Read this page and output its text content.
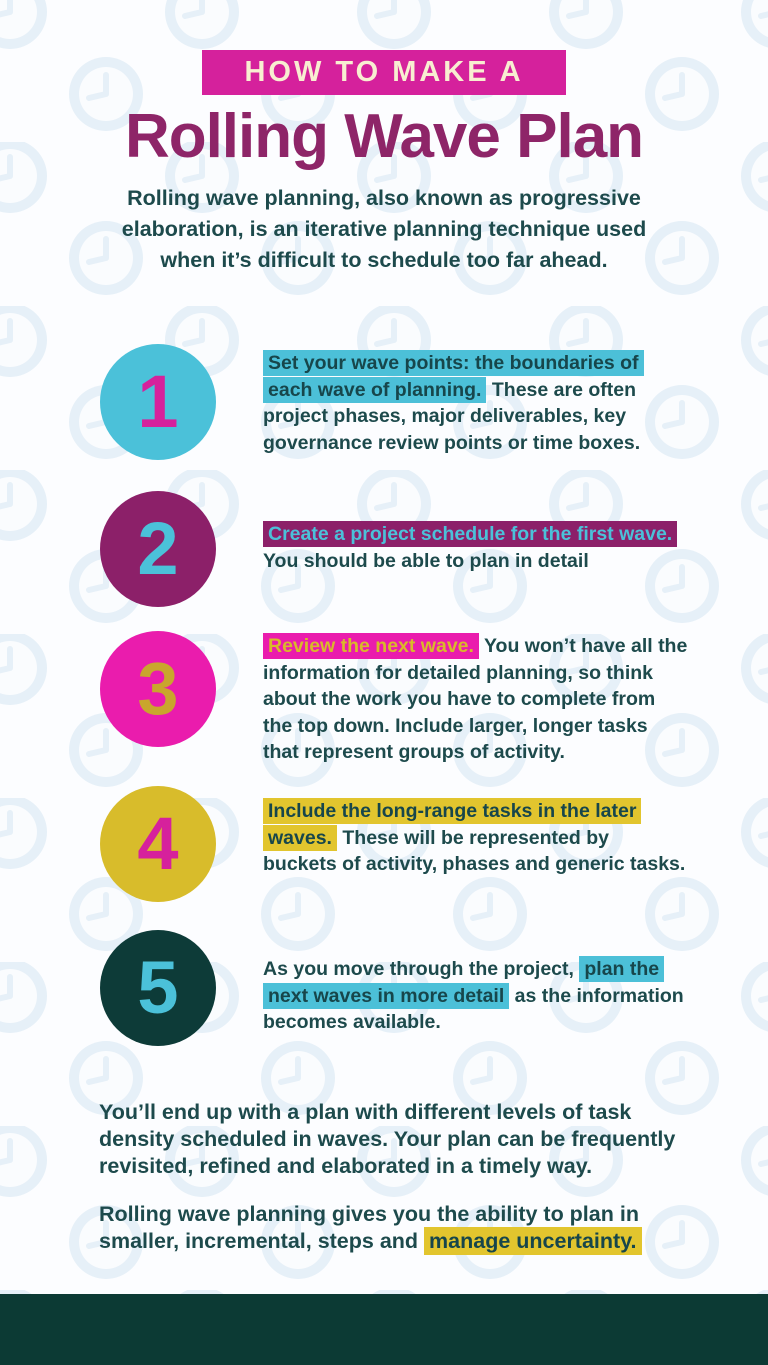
HOW TO MAKE A
Rolling Wave Plan

Rolling wave planning, also known as progressive elaboration, is an iterative planning technique used when it’s difficult to schedule too far ahead.

1	Set your wave points: the boundaries of each wave of planning. These are often project phases, major deliverables, key governance review points or time boxes.

2	Create a project schedule for the first wave. You should be able to plan in detail

3

Review the next wave. You won’t have all the information for detailed planning, so think about the work you have to complete from the top down. Include larger, longer tasks that represent groups of activity.

4	Include the long-range tasks in the later waves. These will be represented by buckets of activity, phases and generic tasks.

5	As you move through the project, plan the next waves in more detail as the information becomes available.

You’ll end up with a plan with different levels of task density scheduled in waves. Your plan can be frequently revisited, refined and elaborated in a timely way.

Rolling wave planning gives you the ability to plan in smaller, incremental, steps and manage uncertainty.
